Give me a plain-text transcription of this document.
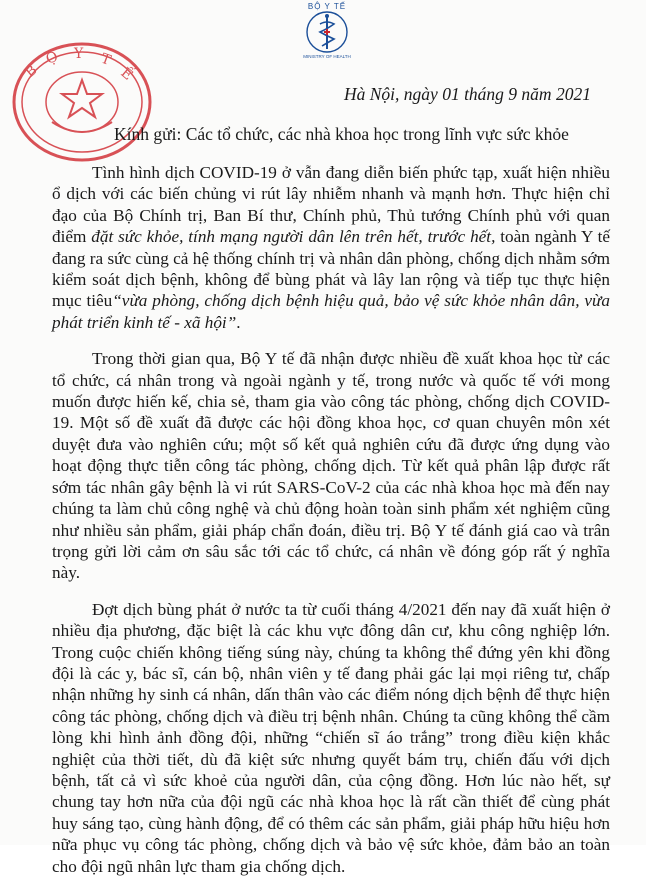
BỘ Y TẾ
MINISTRY OF HEALTH
B
Ộ Y T
Ế
Hà Nội, ngày 01 tháng 9 năm 2021
Kính gửi: Các tổ chức, các nhà khoa học trong lĩnh vực sức khỏe

Tình hình dịch COVID-19 ở vẫn đang diễn biến phức tạp, xuất hiện nhiều ổ dịch với các biến chủng vi rút lây nhiễm nhanh và mạnh hơn. Thực hiện chỉ đạo của Bộ Chính trị, Ban Bí thư, Chính phủ, Thủ tướng Chính phủ với quan điểm đặt sức khỏe, tính mạng người dân lên trên hết, trước hết, toàn ngành Y tế đang ra sức cùng cả hệ thống chính trị và nhân dân phòng, chống dịch nhằm sớm kiểm soát dịch bệnh, không để bùng phát và lây lan rộng và tiếp tục thực hiện mục tiêu“vừa phòng, chống dịch bệnh hiệu quả, bảo vệ sức khỏe nhân dân, vừa phát triển kinh tế - xã hội”.

Trong thời gian qua, Bộ Y tế đã nhận được nhiều đề xuất khoa học từ các tổ chức, cá nhân trong và ngoài ngành y tế, trong nước và quốc tế với mong muốn được hiến kế, chia sẻ, tham gia vào công tác phòng, chống dịch COVID-19. Một số đề xuất đã được các hội đồng khoa học, cơ quan chuyên môn xét duyệt đưa vào nghiên cứu; một số kết quả nghiên cứu đã được ứng dụng vào hoạt động thực tiễn công tác phòng, chống dịch. Từ kết quả phân lập được rất sớm tác nhân gây bệnh là vi rút SARS-CoV-2 của các nhà khoa học mà đến nay chúng ta làm chủ công nghệ và chủ động hoàn toàn sinh phẩm xét nghiệm cũng như nhiều sản phẩm, giải pháp chẩn đoán, điều trị. Bộ Y tế đánh giá cao và trân trọng gửi lời cảm ơn sâu sắc tới các tổ chức, cá nhân về đóng góp rất ý nghĩa này.

Đợt dịch bùng phát ở nước ta từ cuối tháng 4/2021 đến nay đã xuất hiện ở nhiều địa phương, đặc biệt là các khu vực đông dân cư, khu công nghiệp lớn. Trong cuộc chiến không tiếng súng này, chúng ta không thể đứng yên khi đồng đội là các y, bác sĩ, cán bộ, nhân viên y tế đang phải gác lại mọi riêng tư, chấp nhận những hy sinh cá nhân, dấn thân vào các điểm nóng dịch bệnh để thực hiện công tác phòng, chống dịch và điều trị bệnh nhân. Chúng ta cũng không thể cầm lòng khi hình ảnh đồng đội, những “chiến sĩ áo trắng” trong điều kiện khắc nghiệt của thời tiết, dù đã kiệt sức nhưng quyết bám trụ, chiến đấu với dịch bệnh, tất cả vì sức khoẻ của người dân, của cộng đồng. Hơn lúc nào hết, sự chung tay hơn nữa của đội ngũ các nhà khoa học là rất cần thiết để cùng phát huy sáng tạo, cùng hành động, để có thêm các sản phẩm, giải pháp hữu hiệu hơn nữa phục vụ công tác phòng, chống dịch và bảo vệ sức khỏe, đảm bảo an toàn cho đội ngũ nhân lực tham gia chống dịch.
